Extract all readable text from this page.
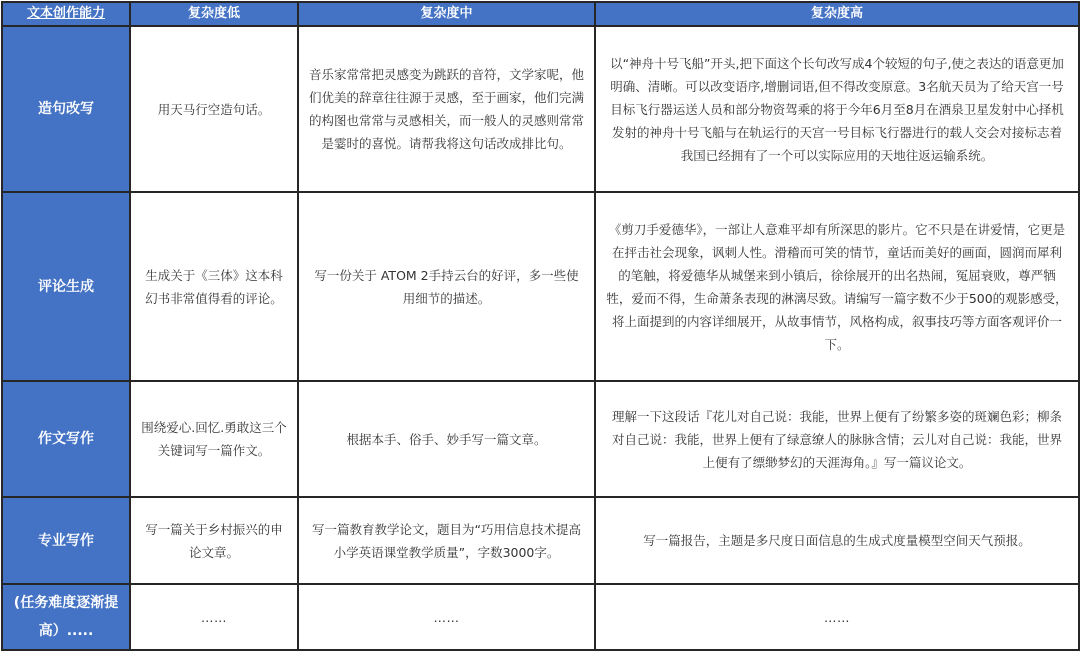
文本创作能力	复杂度低	复杂度中	复杂度高
造句改写	用天马行空造句话。	音乐家常常把灵感变为跳跃的音符，文学家呢，他们优美的辞章往往源于灵感，至于画家，他们完满的构图也常常与灵感相关，而一般人的灵感则常常是霎时的喜悦。请帮我将这句话改成排比句。	以“神舟十号飞船”开头,把下面这个长句改写成4个较短的句子,使之表达的语意更加明确、清晰。可以改变语序,增删词语,但不得改变原意。3名航天员为了给天宫一号目标飞行器运送人员和部分物资驾乘的将于今年6月至8月在酒泉卫星发射中心择机发射的神舟十号飞船与在轨运行的天宫一号目标飞行器进行的载人交会对接标志着我国已经拥有了一个可以实际应用的天地往返运输系统。
评论生成	生成关于《三体》这本科幻书非常值得看的评论。	写一份关于 ATOM 2手持云台的好评，多一些使用细节的描述。	《剪刀手爱德华》，一部让人意难平却有所深思的影片。它不只是在讲爱情，它更是在抨击社会现象，讽刺人性。滑稽而可笑的情节，童话而美好的画面，圆润而犀利的笔触，将爱德华从城堡来到小镇后，徐徐展开的出名热闹，冤屈衰败，尊严牺牲，爱而不得，生命萧条表现的淋漓尽致。请编写一篇字数不少于500的观影感受，将上面提到的内容详细展开，从故事情节，风格构成，叙事技巧等方面客观评价一下。
作文写作	围绕爱心.回忆.勇敢这三个关键词写一篇作文。	根据本手、俗手、妙手写一篇文章。	理解一下这段话『花儿对自己说：我能，世界上便有了纷繁多姿的斑斓色彩；柳条对自己说：我能，世界上便有了绿意缭人的脉脉含情；云儿对自己说：我能，世界上便有了缥缈梦幻的天涯海角。』写一篇议论文。
专业写作	写一篇关于乡村振兴的申论文章。	写一篇教育教学论文，题目为“巧用信息技术提高小学英语课堂教学质量”，字数3000字。	写一篇报告，主题是多尺度日面信息的生成式度量模型空间天气预报。
(任务难度逐渐提高）.....	……	……	……
